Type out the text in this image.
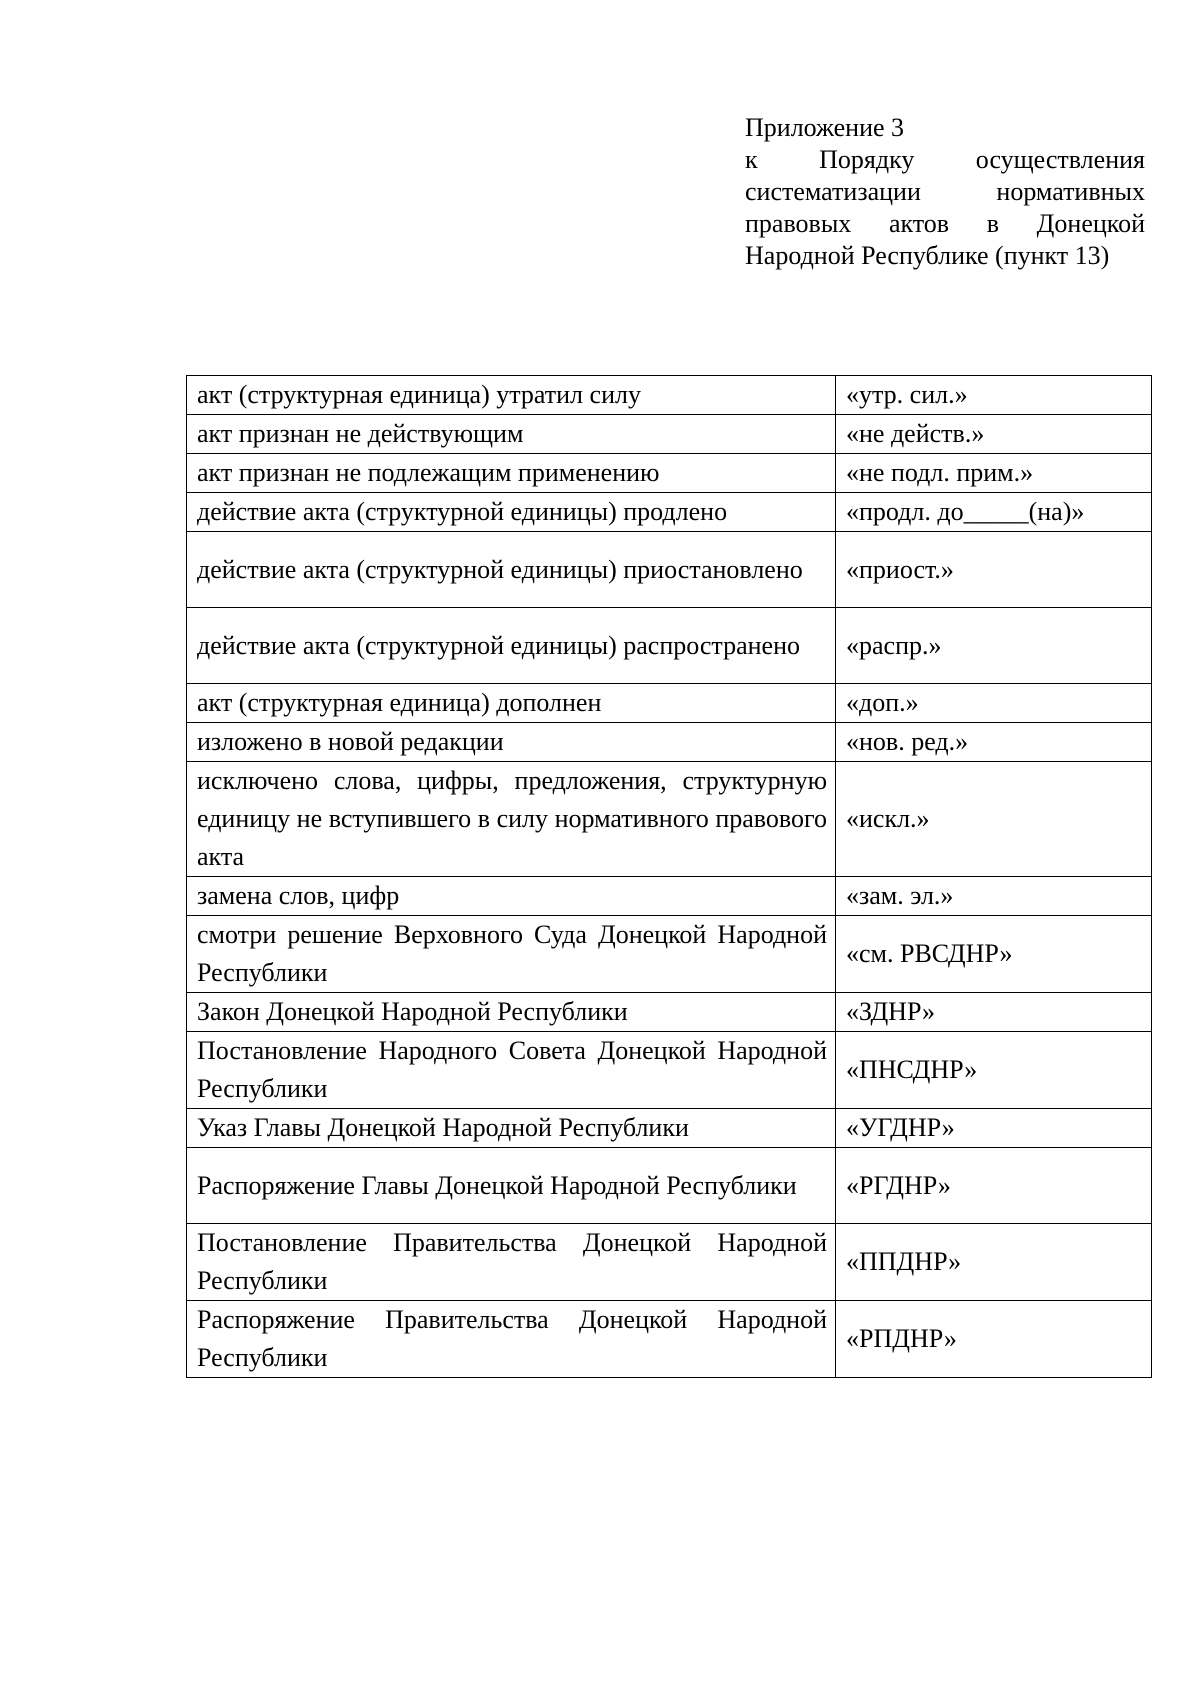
Приложение 3
к Порядку осуществления систематизации нормативных правовых актов в Донецкой Народной Республике (пункт 13)
акт (структурная единица) утратил силу	«утр. сил.»
акт признан не действующим	«не действ.»
акт признан не подлежащим применению	«не подл. прим.»
действие акта (структурной единицы) продлено	«продл. до_____(на)»
действие акта (структурной единицы) приостановлено	«приост.»
действие акта (структурной единицы) распространено	«распр.»
акт (структурная единица) дополнен	«доп.»
изложено в новой редакции	«нов. ред.»
исключено слова, цифры, предложения, структурную единицу не вступившего в силу нормативного правового акта	«искл.»
замена слов, цифр	«зам. эл.»
смотри решение Верховного Суда Донецкой Народной Республики	«см. РВСДНР»
Закон Донецкой Народной Республики	«ЗДНР»
Постановление Народного Совета Донецкой Народной Республики	«ПНСДНР»
Указ Главы Донецкой Народной Республики	«УГДНР»
Распоряжение Главы Донецкой Народной Республики	«РГДНР»
Постановление Правительства Донецкой Народной Республики	«ППДНР»
Распоряжение Правительства Донецкой Народной Республики	«РПДНР»
